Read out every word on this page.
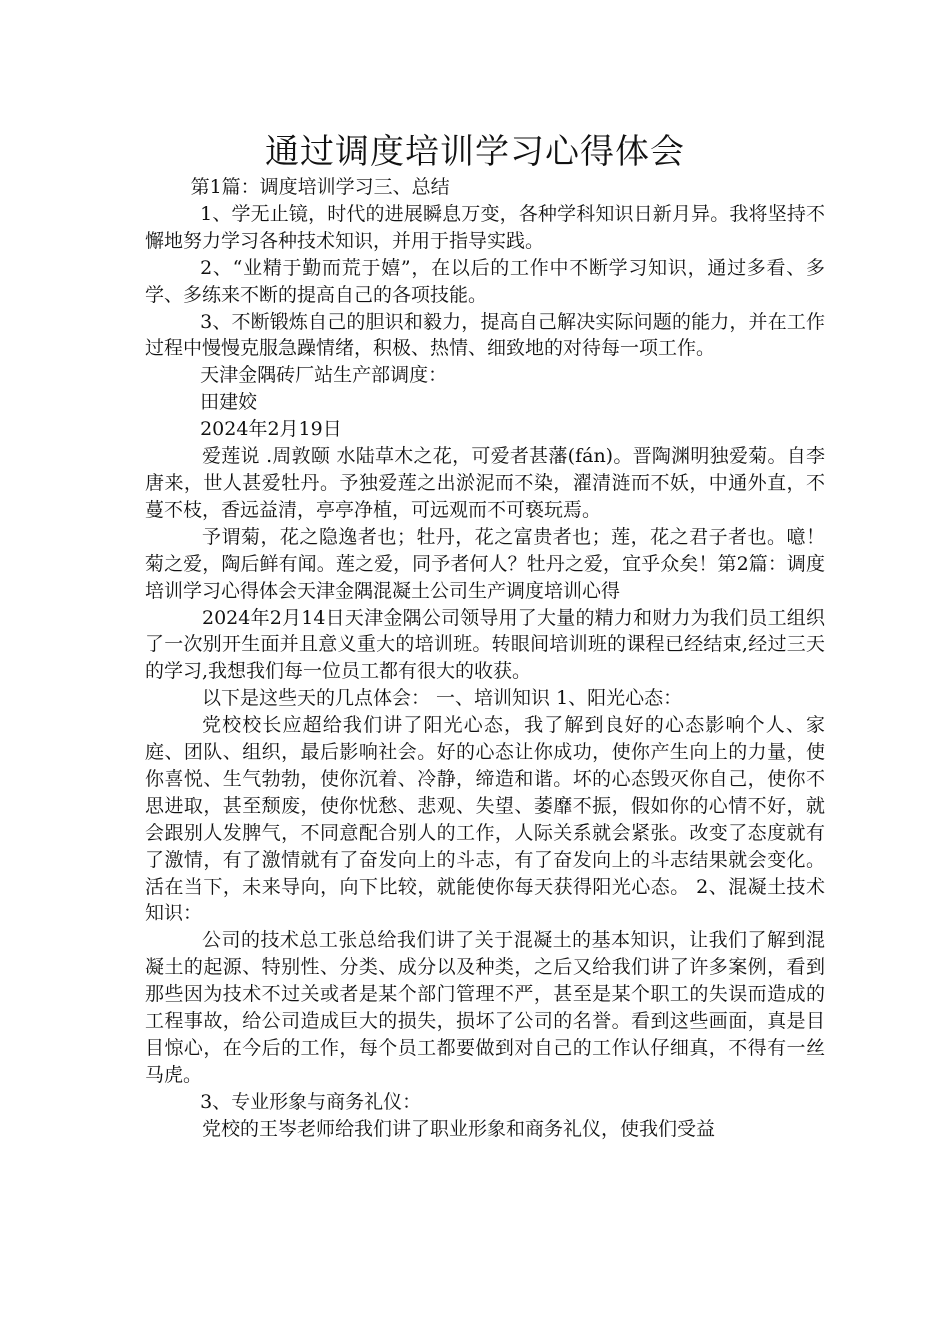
通过调度培训学习心得体会

第1篇：调度培训学习三、总结

1、学无止镜，时代的进展瞬息万变，各种学科知识日新月异。我将坚持不懈地努力学习各种技术知识，并用于指导实践。

2、“业精于勤而荒于嬉”，在以后的工作中不断学习知识，通过多看、多学、多练来不断的提高自己的各项技能。

3、不断锻炼自己的胆识和毅力，提高自己解决实际问题的能力，并在工作过程中慢慢克服急躁情绪，积极、热情、细致地的对待每一项工作。

天津金隅砖厂站生产部调度：

田建姣

2024年2月19日

爱莲说 .周敦颐 水陆草木之花，可爱者甚藩(fán)。晋陶渊明独爱菊。自李唐来，世人甚爱牡丹。予独爱莲之出淤泥而不染，濯清涟而不妖，中通外直，不蔓不枝，香远益清，亭亭净植，可远观而不可亵玩焉。

予谓菊，花之隐逸者也；牡丹，花之富贵者也；莲，花之君子者也。噫！菊之爱，陶后鲜有闻。莲之爱，同予者何人？牡丹之爱，宜乎众矣！第2篇：调度培训学习心得体会天津金隅混凝土公司生产调度培训心得

2024年2月14日天津金隅公司领导用了大量的精力和财力为我们员工组织了一次别开生面并且意义重大的培训班。转眼间培训班的课程已经结束,经过三天的学习,我想我们每一位员工都有很大的收获。

以下是这些天的几点体会： 一、培训知识 1、阳光心态：

党校校长应超给我们讲了阳光心态，我了解到良好的心态影响个人、家庭、团队、组织，最后影响社会。好的心态让你成功，使你产生向上的力量，使你喜悦、生气勃勃，使你沉着、冷静，缔造和谐。坏的心态毁灭你自己，使你不思进取，甚至颓废，使你忧愁、悲观、失望、萎靡不振，假如你的心情不好，就会跟别人发脾气，不同意配合别人的工作，人际关系就会紧张。改变了态度就有了激情，有了激情就有了奋发向上的斗志，有了奋发向上的斗志结果就会变化。活在当下，未来导向，向下比较，就能使你每天获得阳光心态。 2、混凝土技术知识：

公司的技术总工张总给我们讲了关于混凝土的基本知识，让我们了解到混凝土的起源、特别性、分类、成分以及种类，之后又给我们讲了许多案例，看到那些因为技术不过关或者是某个部门管理不严，甚至是某个职工的失误而造成的工程事故，给公司造成巨大的损失，损坏了公司的名誉。看到这些画面，真是目目惊心，在今后的工作，每个员工都要做到对自己的工作认仔细真，不得有一丝马虎。

3、专业形象与商务礼仪：

党校的王岑老师给我们讲了职业形象和商务礼仪，使我们受益
